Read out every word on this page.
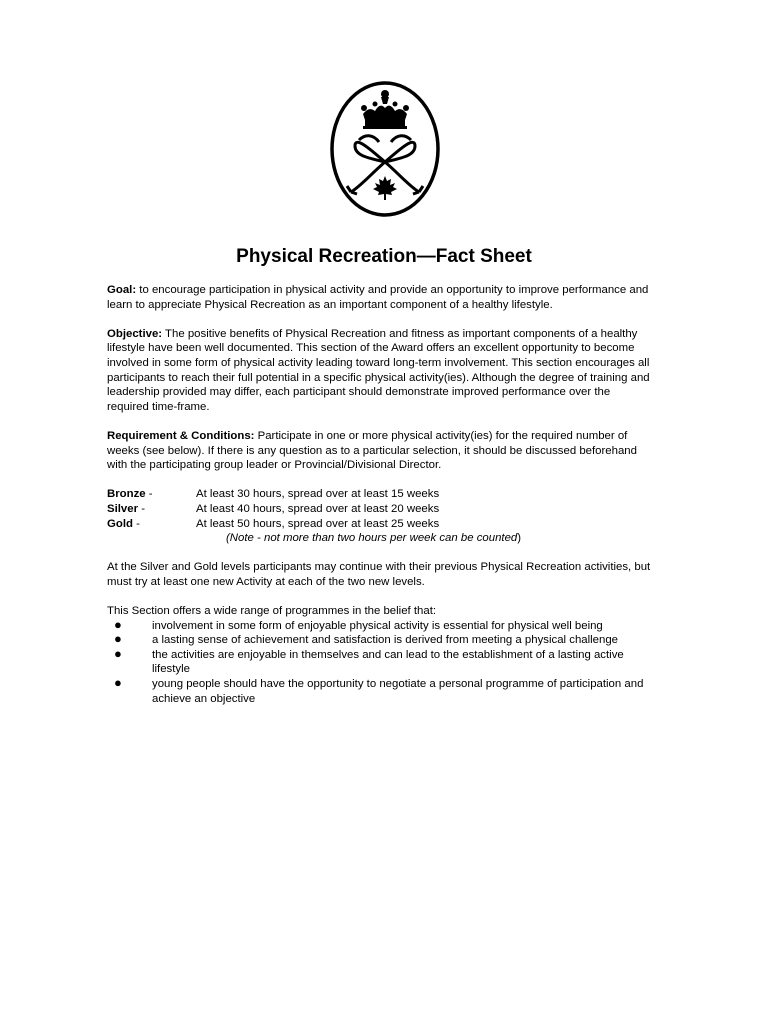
Physical Recreation—Fact Sheet

Goal: to encourage participation in physical activity and provide an opportunity to improve performance and learn to appreciate Physical Recreation as an important component of a healthy lifestyle.

Objective: The positive benefits of Physical Recreation and fitness as important components of a healthy lifestyle have been well documented. This section of the Award offers an excellent opportunity to become involved in some form of physical activity leading toward long-term involvement. This section encourages all participants to reach their full potential in a specific physical activity(ies). Although the degree of training and leadership provided may differ, each participant should demonstrate improved performance over the required time-frame.

Requirement & Conditions: Participate in one or more physical activity(ies) for the required number of weeks (see below). If there is any question as to a particular selection, it should be discussed beforehand with the participating group leader or Provincial/Divisional Director.

Bronze -	At least 30 hours, spread over at least 15 weeks
Silver -	At least 40 hours, spread over at least 20 weeks
Gold -	At least 50 hours, spread over at least 25 weeks
(Note - not more than two hours per week can be counted)

At the Silver and Gold levels participants may continue with their previous Physical Recreation activities, but must try at least one new Activity at each of the two new levels.

This Section offers a wide range of programmes in the belief that:
●	involvement in some form of enjoyable physical activity is essential for physical well being
●	a lasting sense of achievement and satisfaction is derived from meeting a physical challenge
●	the activities are enjoyable in themselves and can lead to the establishment of a lasting active lifestyle
●	young people should have the opportunity to negotiate a personal programme of participation and achieve an objective
